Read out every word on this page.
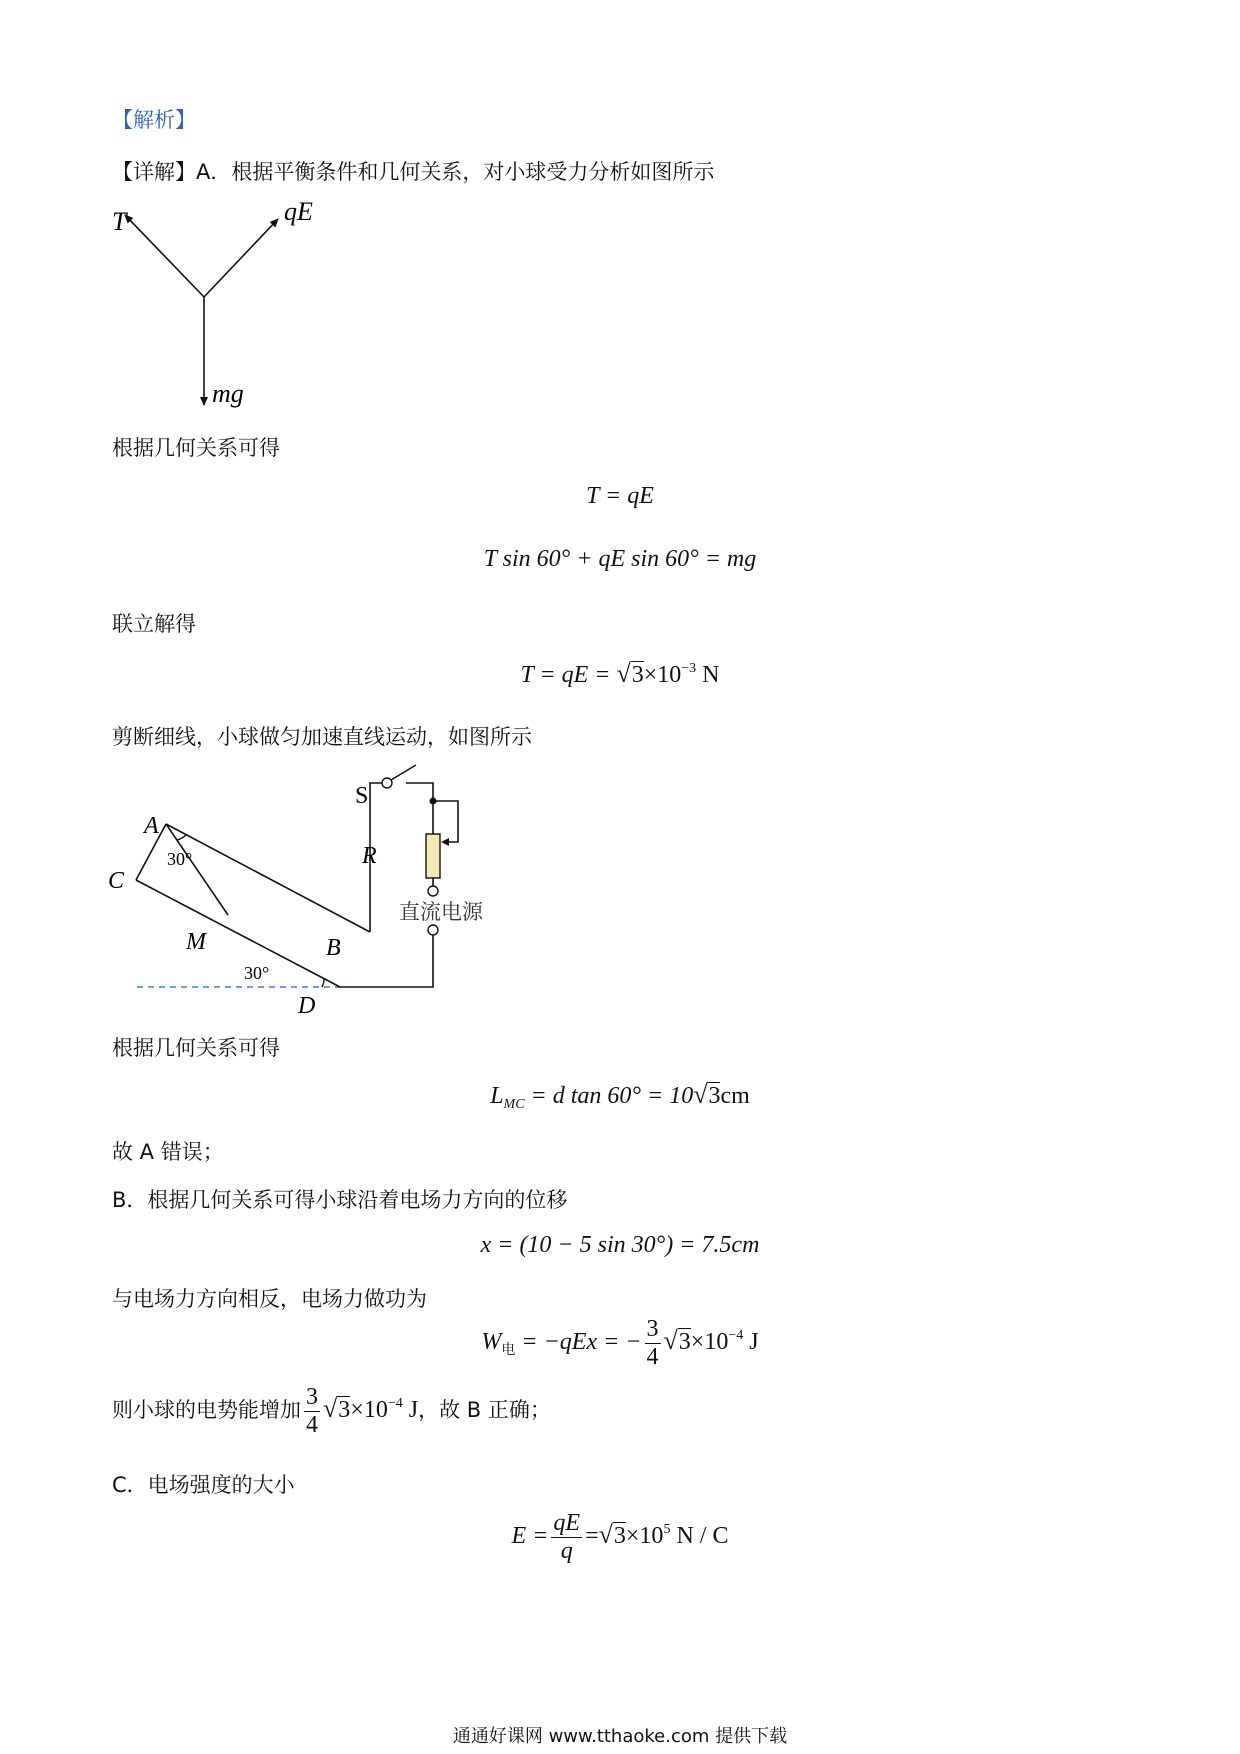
【解析】
【详解】A．根据平衡条件和几何关系，对小球受力分析如图所示
T	qE
mg
根据几何关系可得
T = qE
T sin 60° + qE sin 60° = mg
联立解得
T = qE = $√3\times 10^{-3}$ N
剪断细线，小球做匀加速直线运动，如图所示
A
C
M	B
D
S
R
30°
30°
直流电源
根据几何关系可得
$L_{MC} = d$ tan 60° = 10√3cm
故 A 错误；
B．根据几何关系可得小球沿着电场力方向的位移
x = (10 − 5 sin 30°) = 7.5cm
与电场力方向相反，电场力做功为
$W_电 = -qEx$ = − $\frac{3}{4} √3\times 10^{-4}$ J
则小球的电势能增加 $\frac{3}{4} √3\times 10^{-4}$ J，故 B 正确；
C．电场强度的大小
$E = \frac{qE}{q} =√3\times 10^5$ N / C
通通好课网 www.tthaoke.com 提供下载
